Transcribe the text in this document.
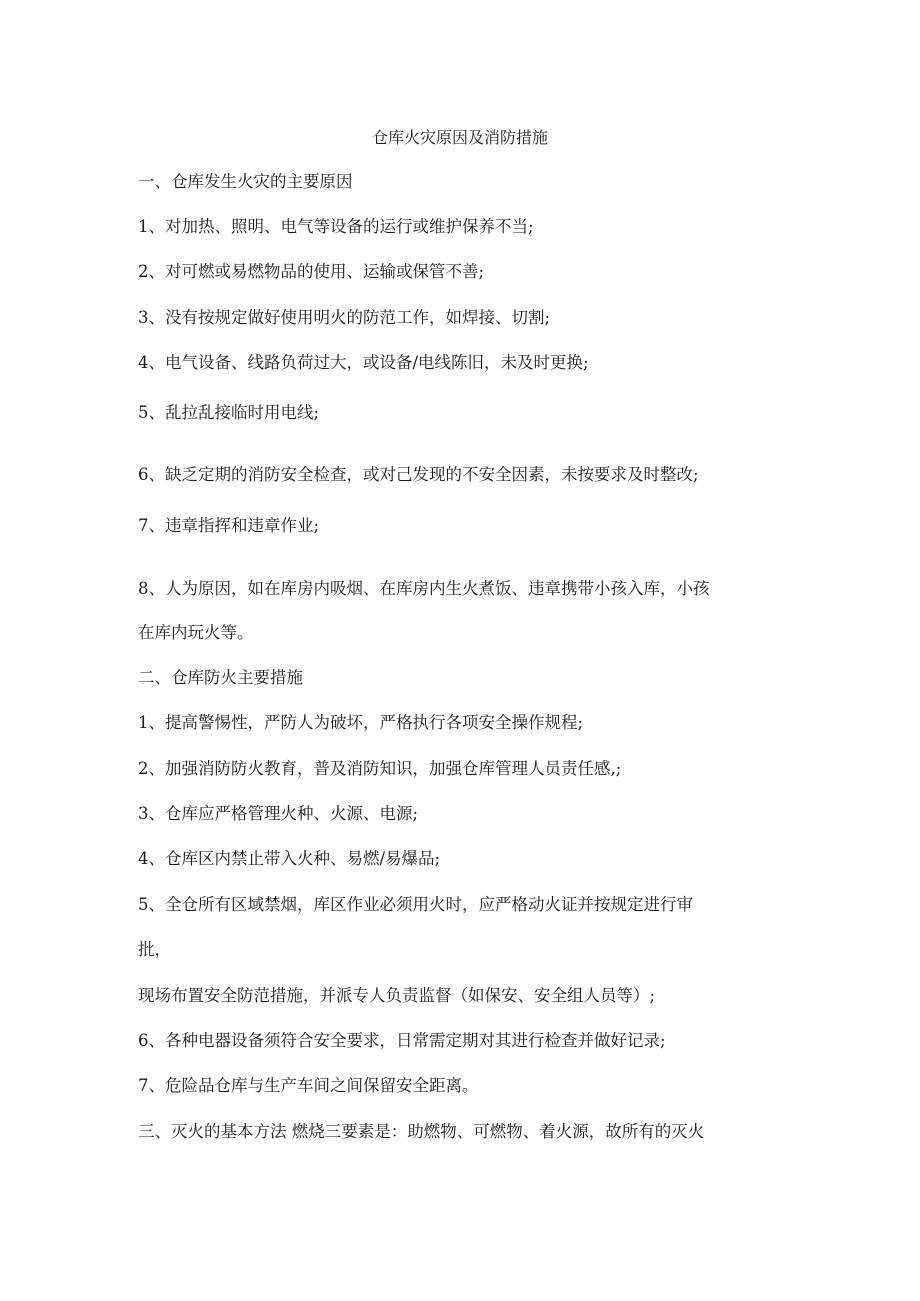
仓库火灾原因及消防措施
一、仓库发生火灾的主要原因
1、对加热、照明、电气等设备的运行或维护保养不当;
2、对可燃或易燃物品的使用、运输或保管不善;
3、没有按规定做好使用明火的防范工作，如焊接、切割;
4、电气设备、线路负荷过大，或设备/电线陈旧，未及时更换;
5、乱拉乱接临时用电线;
6、缺乏定期的消防安全检查，或对己发现的不安全因素，未按要求及时整改;
7、违章指挥和违章作业;
8、人为原因，如在库房内吸烟、在库房内生火煮饭、违章携带小孩入库，小孩
在库内玩火等。
二、仓库防火主要措施
1、提高警惕性，严防人为破坏，严格执行各项安全操作规程;
2、加强消防防火教育，普及消防知识，加强仓库管理人员责任感,;
3、仓库应严格管理火种、火源、电源;
4、仓库区内禁止带入火种、易燃/易爆品;
5、全仓所有区域禁烟，库区作业必须用火时，应严格动火证并按规定进行审
批，
现场布置安全防范措施，并派专人负责监督（如保安、安全组人员等）;
6、各种电器设备须符合安全要求，日常需定期对其进行检查并做好记录;
7、危险品仓库与生产车间之间保留安全距离。
三、灭火的基本方法 燃烧三要素是：助燃物、可燃物、着火源，故所有的灭火
